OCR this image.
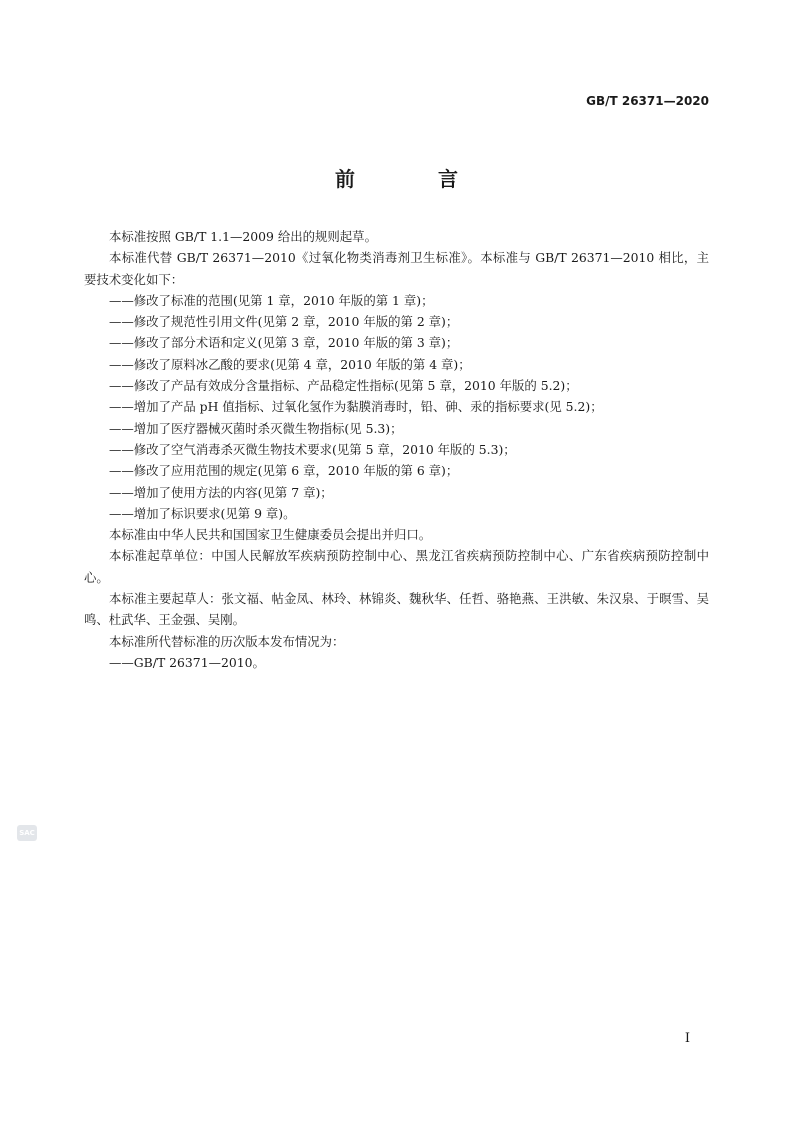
GB/T 26371—2020
前 言

本标准按照 GB/T 1.1—2009 给出的规则起草。

本标准代替 GB/T 26371—2010《过氧化物类消毒剂卫生标准》。本标准与 GB/T 26371—2010 相比，主要技术变化如下：

——修改了标准的范围(见第 1 章，2010 年版的第 1 章)；
——修改了规范性引用文件(见第 2 章，2010 年版的第 2 章)；
——修改了部分术语和定义(见第 3 章，2010 年版的第 3 章)；
——修改了原料冰乙酸的要求(见第 4 章，2010 年版的第 4 章)；
——修改了产品有效成分含量指标、产品稳定性指标(见第 5 章，2010 年版的 5.2)；
——增加了产品 pH 值指标、过氧化氢作为黏膜消毒时，铅、砷、汞的指标要求(见 5.2)；
——增加了医疗器械灭菌时杀灭微生物指标(见 5.3)；
——修改了空气消毒杀灭微生物技术要求(见第 5 章，2010 年版的 5.3)；
——修改了应用范围的规定(见第 6 章，2010 年版的第 6 章)；
——增加了使用方法的内容(见第 7 章)；
——增加了标识要求(见第 9 章)。

本标准由中华人民共和国国家卫生健康委员会提出并归口。

本标准起草单位：中国人民解放军疾病预防控制中心、黑龙江省疾病预防控制中心、广东省疾病预防控制中心。

本标准主要起草人：张文福、帖金凤、林玲、林锦炎、魏秋华、任哲、骆艳燕、王洪敏、朱汉泉、于暝雪、吴鸣、杜武华、王金强、吴刚。

本标准所代替标准的历次版本发布情况为：

——GB/T 26371—2010。
SAC
I
